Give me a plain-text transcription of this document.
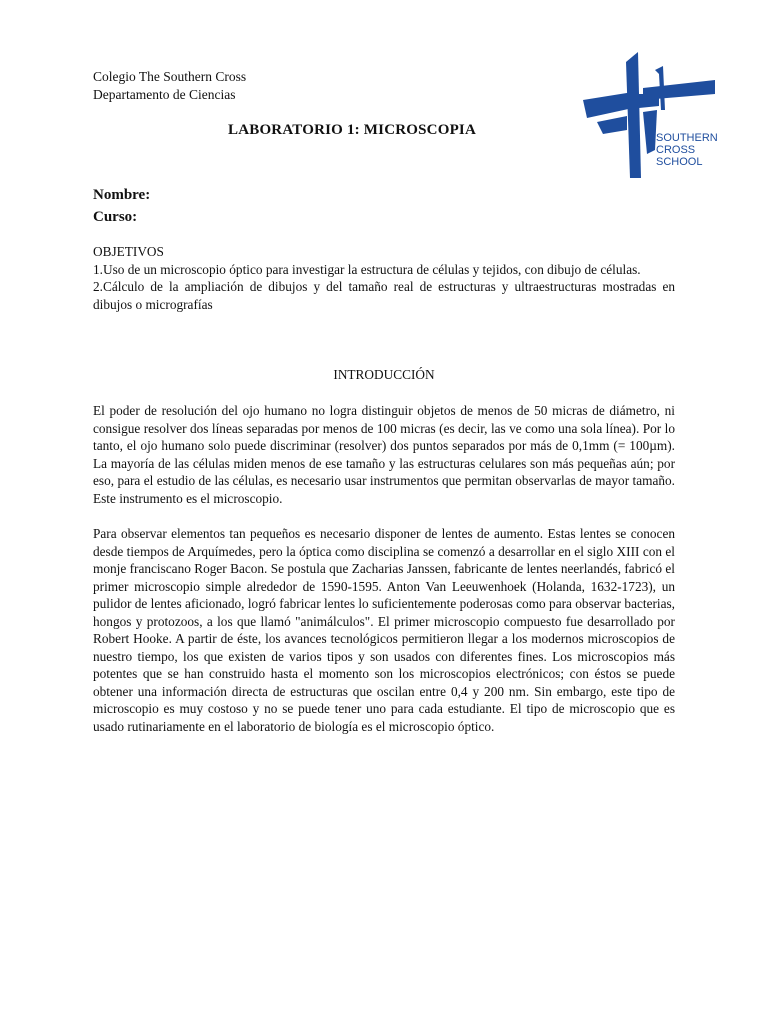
Colegio The Southern Cross
Departamento de Ciencias
SOUTHERN
CROSS
SCHOOL
LABORATORIO 1: MICROSCOPIA
Nombre:
Curso:

OBJETIVOS

1.Uso de un microscopio óptico para investigar la estructura de células y tejidos, con dibujo de células.

2.Cálculo de la ampliación de dibujos y del tamaño real de estructuras y ultraestructuras mostradas en dibujos o micrografías

INTRODUCCIÓN

El poder de resolución del ojo humano no logra distinguir objetos de menos de 50 micras de diámetro, ni consigue resolver dos líneas separadas por menos de 100 micras (es decir, las ve como una sola línea). Por lo tanto, el ojo humano solo puede discriminar (resolver) dos puntos separados por más de 0,1mm (= 100µm). La mayoría de las células miden menos de ese tamaño y las estructuras celulares son más pequeñas aún; por eso, para el estudio de las células, es necesario usar instrumentos que permitan observarlas de mayor tamaño. Este instrumento es el microscopio.

Para observar elementos tan pequeños es necesario disponer de lentes de aumento. Estas lentes se conocen desde tiempos de Arquímedes, pero la óptica como disciplina se comenzó a desarrollar en el siglo XIII con el monje franciscano Roger Bacon. Se postula que Zacharias Janssen, fabricante de lentes neerlandés, fabricó el primer microscopio simple alrededor de 1590-1595. Anton Van Leeuwenhoek (Holanda, 1632-1723), un pulidor de lentes aficionado, logró fabricar lentes lo suficientemente poderosas como para observar bacterias, hongos y protozoos, a los que llamó "animálculos". El primer microscopio compuesto fue desarrollado por Robert Hooke. A partir de éste, los avances tecnológicos permitieron llegar a los modernos microscopios de nuestro tiempo, los que existen de varios tipos y son usados con diferentes fines. Los microscopios más potentes que se han construido hasta el momento son los microscopios electrónicos; con éstos se puede obtener una información directa de estructuras que oscilan entre 0,4 y 200 nm. Sin embargo, este tipo de microscopio es muy costoso y no se puede tener uno para cada estudiante. El tipo de microscopio que es usado rutinariamente en el laboratorio de biología es el microscopio óptico.
